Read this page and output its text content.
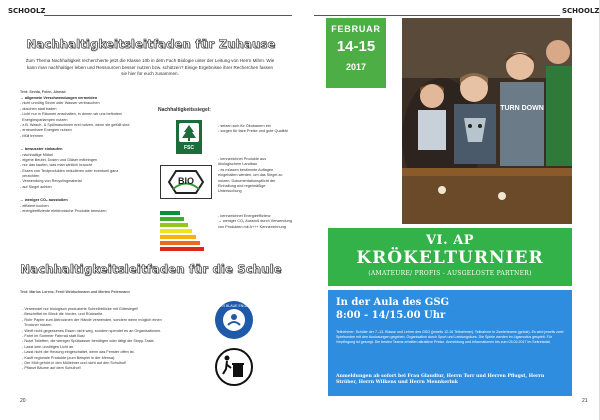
SCHOOLZ
Nachhaltigkeitsleitfaden für Zuhause
Zum Thema Nachhaltigkeit recherchierte jetzt die Klasse 10b in dem Fach Biologie unter der Leitung von Herrn Mihm. Wie kann man nachhaltiger leben und Ressourcen besser nutzen bzw. schützen? Einige Ergebnisse ihrer Recherchen fassen sie hier für euch zusammen.
Text: Sevda, Folen, Ahmad
→ allgemein Verschwendungen vermeiden
- nicht unnötig Strom oder Wasser verbrauchen
- duschen statt baden
- Licht nur in Räumen anschalten, in denen wir uns befinden/
Energiesparlampen nutzen
- z.B. Wasch- & Spülmaschinen erst nutzen, wenn sie gefüllt sind
- erneuerbare Energien nutzen
- Müll trennen
→ bewusster einkaufen
- nachhaltige Möbel
- eigene Beutel, Dosen und Gläser mitbringen
- nur das kaufen, was man wirklich braucht
- Essen von Textprodukten redudieren oder eventuell ganz
verzichten
- Verwendung von Recyclingmaterial
- auf Siegel achten
→ weniger CO₂ ausstoßen
- effizient kochen
- energieeffiziente elektronische Produkte benutzen
Nachhaltigkeitssiegel:
FSC
- setzen sich für Ökobauern ein
- sorgen für faire Preise und gute Qualität
BIO
- kennzeichnet Produkte aus ökologischem Landbau
- es müssen bestimmte Auflagen eingehalten werden, um das Siegel zu nutzen: Dokumentationspflicht der Einhaltung und regelmäßige Untersuchung
- kennzeichnet Energieeffizienz
→ weniger CO₂ Ausstoß durch Verwendung von Produkten mit A+++ Kennzeichnung
Nachhaltigkeitsleitfaden für die Schule
Text: Marius Lorenz, Ferdi Weidschmann und Merten Petermann
- Verwendet nur biologisch produzierte Schreibblöcke mit Gütesiegel!
- Beschriftet im Block die Vorder- und Rückseite.
- Rohr Papier zum Abtrocknen der Hände verwenden, sondern wenn möglich einen
Trockner nutzen.
- Werft nicht gegessenes Essen nicht weg, sondern spendet es an Organisationen.
- Fahrt im Sommer Fahrrad statt Bus!
- Nutzt Toiletten, die weniger Spülwasser benötigen oder tätigt die Stopp-Taste.
- Lasst kein unnötiges Licht an.
- Lasst nicht die Heizung eingeschaltet, wenn das Fenster offen ist.
- Kauft regionale Produkte (zum Beispiel in der Mensa).
- Der Müll gehört in den Mülleimer und nicht auf den Schulhof!
- Pflanzt Bäume auf dem Schulhof!
DER BLAUE ENGEL
20
SCHOOLZ
21
FEBRUAR
14-15
2017
TURN DOWN
VI. AP
KRÖKELTURNIER
(AMATEURE/ PROFIS - AUSGELOSTE PARTNER)
In der Aula des GSG
8:00 - 14/15.00 Uhr
Teilnehmer: Schüler der 7.-13. Klasse und Lehrer des GSG (jeweils 12-16 Teilnehmer). Teilnahme in Zweierteams (gelost). Es wird jeweils zwei Spielrunden mit den Auslosungen gegeben, Organisation durch Sport und Leistungskurs. Die Spiele werden im Ligamodus gespielt. Für Verpflegung ist gesorgt. Die besten Teams erhalten attraktive Preise. Anmeldung und Informationen bis zum 03.02.2017 im Sekretariat.
Anmeldungen ab sofort bei Frau Glaudiur, Herrn Torr und Herren Pflugst, Herrn Strüber, Herrn Wilkens und Herrn Mennkerink
